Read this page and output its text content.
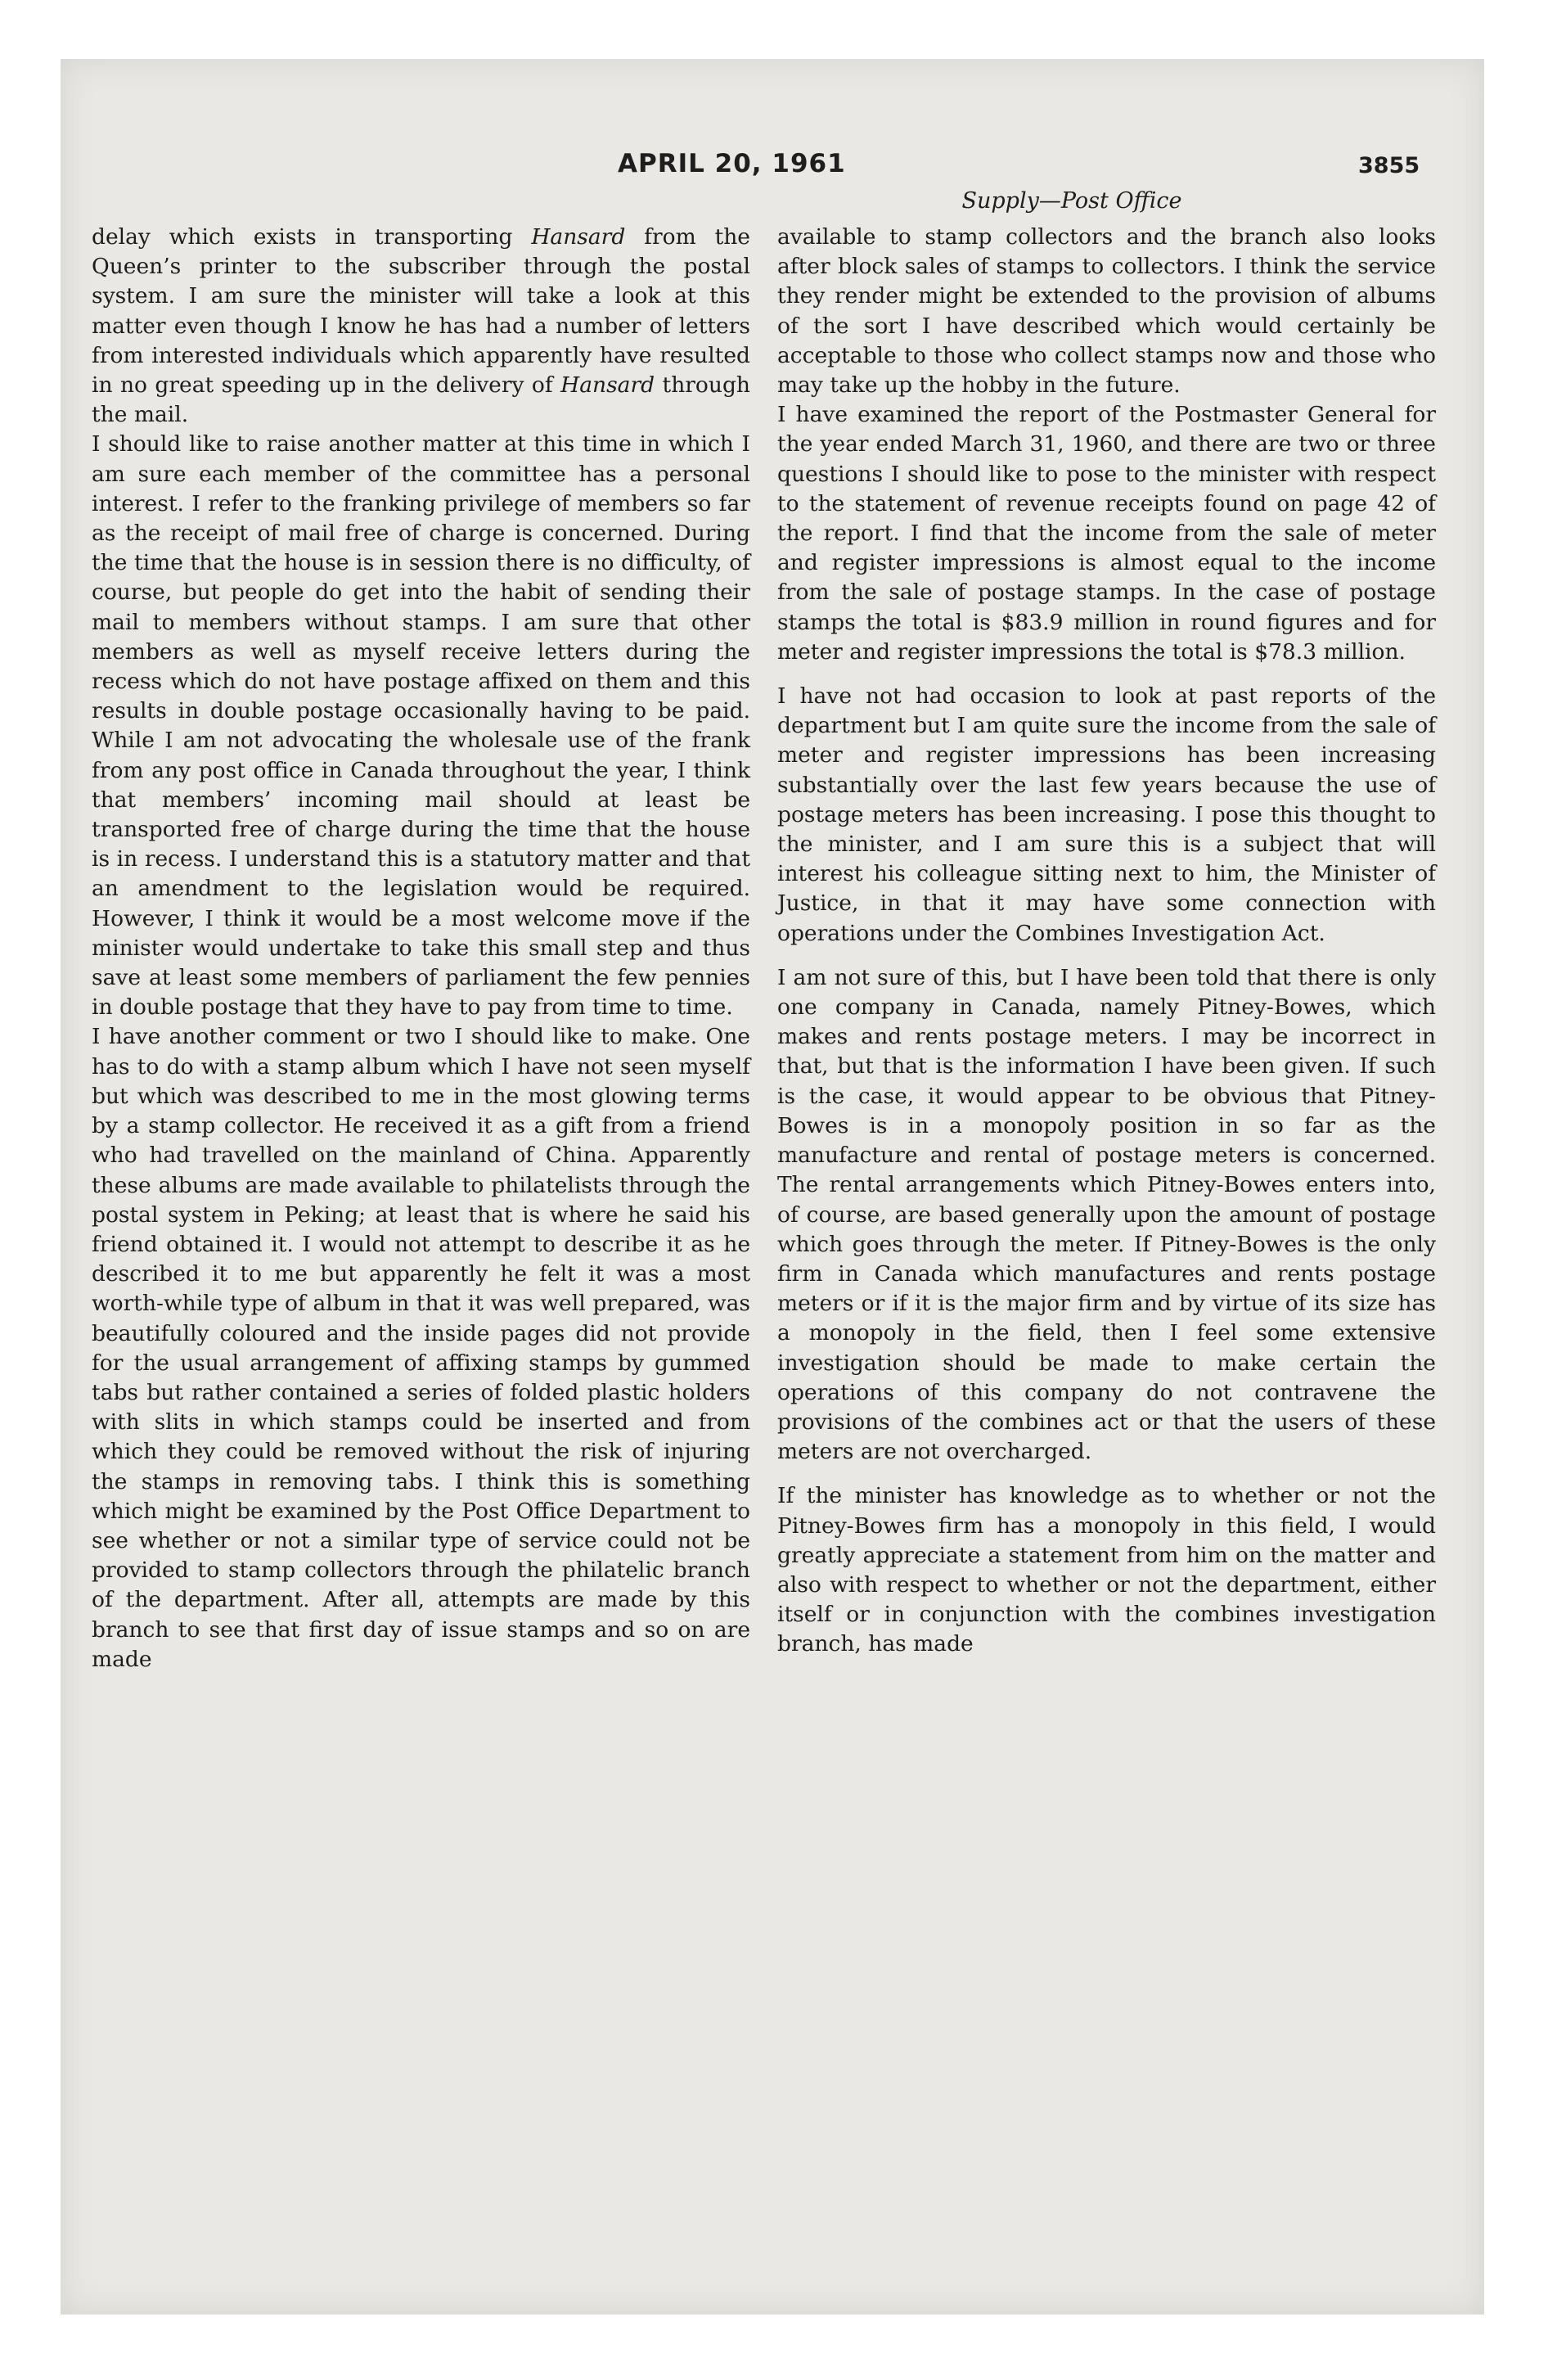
APRIL 20, 1961	3855
Supply—Post Office

delay which exists in transporting Hansard from the Queen’s printer to the subscriber through the postal system. I am sure the minister will take a look at this matter even though I know he has had a number of letters from interested individuals which apparently have resulted in no great speeding up in the delivery of Hansard through the mail.

I should like to raise another matter at this time in which I am sure each member of the committee has a personal interest. I refer to the franking privilege of members so far as the receipt of mail free of charge is concerned. During the time that the house is in session there is no difficulty, of course, but people do get into the habit of sending their mail to members without stamps. I am sure that other members as well as myself receive letters during the recess which do not have postage affixed on them and this results in double postage occasionally having to be paid. While I am not advocating the wholesale use of the frank from any post office in Canada throughout the year, I think that members’ incoming mail should at least be transported free of charge during the time that the house is in recess. I understand this is a statutory matter and that an amendment to the legislation would be required. However, I think it would be a most welcome move if the minister would undertake to take this small step and thus save at least some members of parliament the few pennies in double postage that they have to pay from time to time.

I have another comment or two I should like to make. One has to do with a stamp album which I have not seen myself but which was described to me in the most glowing terms by a stamp collector. He received it as a gift from a friend who had travelled on the mainland of China. Apparently these albums are made available to philatelists through the postal system in Peking; at least that is where he said his friend obtained it. I would not attempt to describe it as he described it to me but apparently he felt it was a most worth-while type of album in that it was well prepared, was beautifully coloured and the inside pages did not provide for the usual arrangement of affixing stamps by gummed tabs but rather contained a series of folded plastic holders with slits in which stamps could be inserted and from which they could be removed without the risk of injuring the stamps in removing tabs. I think this is something which might be examined by the Post Office Department to see whether or not a similar type of service could not be provided to stamp collectors through the philatelic branch of the department. After all, attempts are made by this branch to see that first day of issue stamps and so on are made

available to stamp collectors and the branch also looks after block sales of stamps to collectors. I think the service they render might be extended to the provision of albums of the sort I have described which would certainly be acceptable to those who collect stamps now and those who may take up the hobby in the future.

I have examined the report of the Postmaster General for the year ended March 31, 1960, and there are two or three questions I should like to pose to the minister with respect to the statement of revenue receipts found on page 42 of the report. I find that the income from the sale of meter and register impressions is almost equal to the income from the sale of postage stamps. In the case of postage stamps the total is $83.9 million in round figures and for meter and register impressions the total is $78.3 million.

I have not had occasion to look at past reports of the department but I am quite sure the income from the sale of meter and register impressions has been increasing substantially over the last few years because the use of postage meters has been increasing. I pose this thought to the minister, and I am sure this is a subject that will interest his colleague sitting next to him, the Minister of Justice, in that it may have some connection with operations under the Combines Investigation Act.

I am not sure of this, but I have been told that there is only one company in Canada, namely Pitney-Bowes, which makes and rents postage meters. I may be incorrect in that, but that is the information I have been given. If such is the case, it would appear to be obvious that Pitney-Bowes is in a monopoly position in so far as the manufacture and rental of postage meters is concerned. The rental arrangements which Pitney-Bowes enters into, of course, are based generally upon the amount of postage which goes through the meter. If Pitney-Bowes is the only firm in Canada which manufactures and rents postage meters or if it is the major firm and by virtue of its size has a monopoly in the field, then I feel some extensive investigation should be made to make certain the operations of this company do not contravene the provisions of the combines act or that the users of these meters are not overcharged.

If the minister has knowledge as to whether or not the Pitney-Bowes firm has a monopoly in this field, I would greatly appreciate a statement from him on the matter and also with respect to whether or not the department, either itself or in conjunction with the combines investigation branch, has made
